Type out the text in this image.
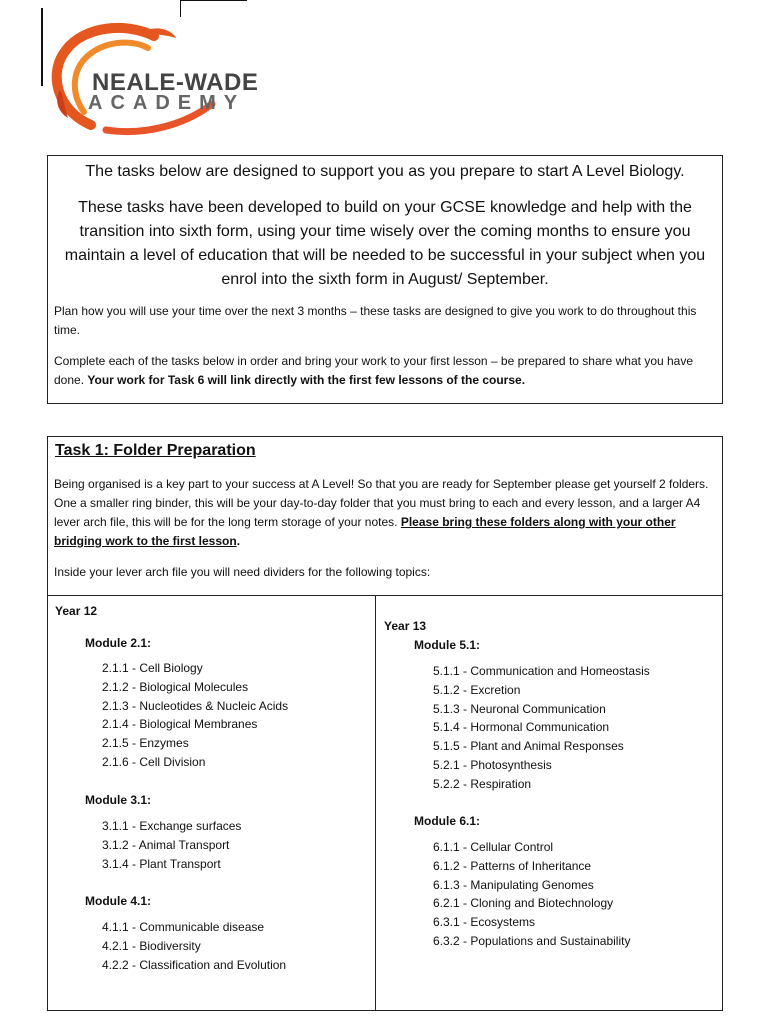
NEALE-WADE
ACADEMY
The tasks below are designed to support you as you prepare to start A Level Biology.
These tasks have been developed to build on your GCSE knowledge and help with the transition into sixth form, using your time wisely over the coming months to ensure you maintain a level of education that will be needed to be successful in your subject when you enrol into the sixth form in August/ September.
Plan how you will use your time over the next 3 months – these tasks are designed to give you work to do throughout this time.
Complete each of the tasks below in order and bring your work to your first lesson – be prepared to share what you have done. Your work for Task 6 will link directly with the first few lessons of the course.
Task 1: Folder Preparation
Being organised is a key part to your success at A Level! So that you are ready for September please get yourself 2 folders. One a smaller ring binder, this will be your day-to-day folder that you must bring to each and every lesson, and a larger A4 lever arch file, this will be for the long term storage of your notes. Please bring these folders along with your other bridging work to the first lesson.
Inside your lever arch file you will need dividers for the following topics:
Year 12
Module 2.1:
2.1.1 - Cell Biology
2.1.2 - Biological Molecules
2.1.3 - Nucleotides & Nucleic Acids
2.1.4 - Biological Membranes
2.1.5 - Enzymes
2.1.6 - Cell Division
Module 3.1:
3.1.1 - Exchange surfaces
3.1.2 - Animal Transport
3.1.4 - Plant Transport
Module 4.1:
4.1.1 - Communicable disease
4.2.1 - Biodiversity
4.2.2 - Classification and Evolution
Year 13
Module 5.1:
5.1.1 - Communication and Homeostasis
5.1.2 - Excretion
5.1.3 - Neuronal Communication
5.1.4 - Hormonal Communication
5.1.5 - Plant and Animal Responses
5.2.1 - Photosynthesis
5.2.2 - Respiration
Module 6.1:
6.1.1 - Cellular Control
6.1.2 - Patterns of Inheritance
6.1.3 - Manipulating Genomes
6.2.1 - Cloning and Biotechnology
6.3.1 - Ecosystems
6.3.2 - Populations and Sustainability
